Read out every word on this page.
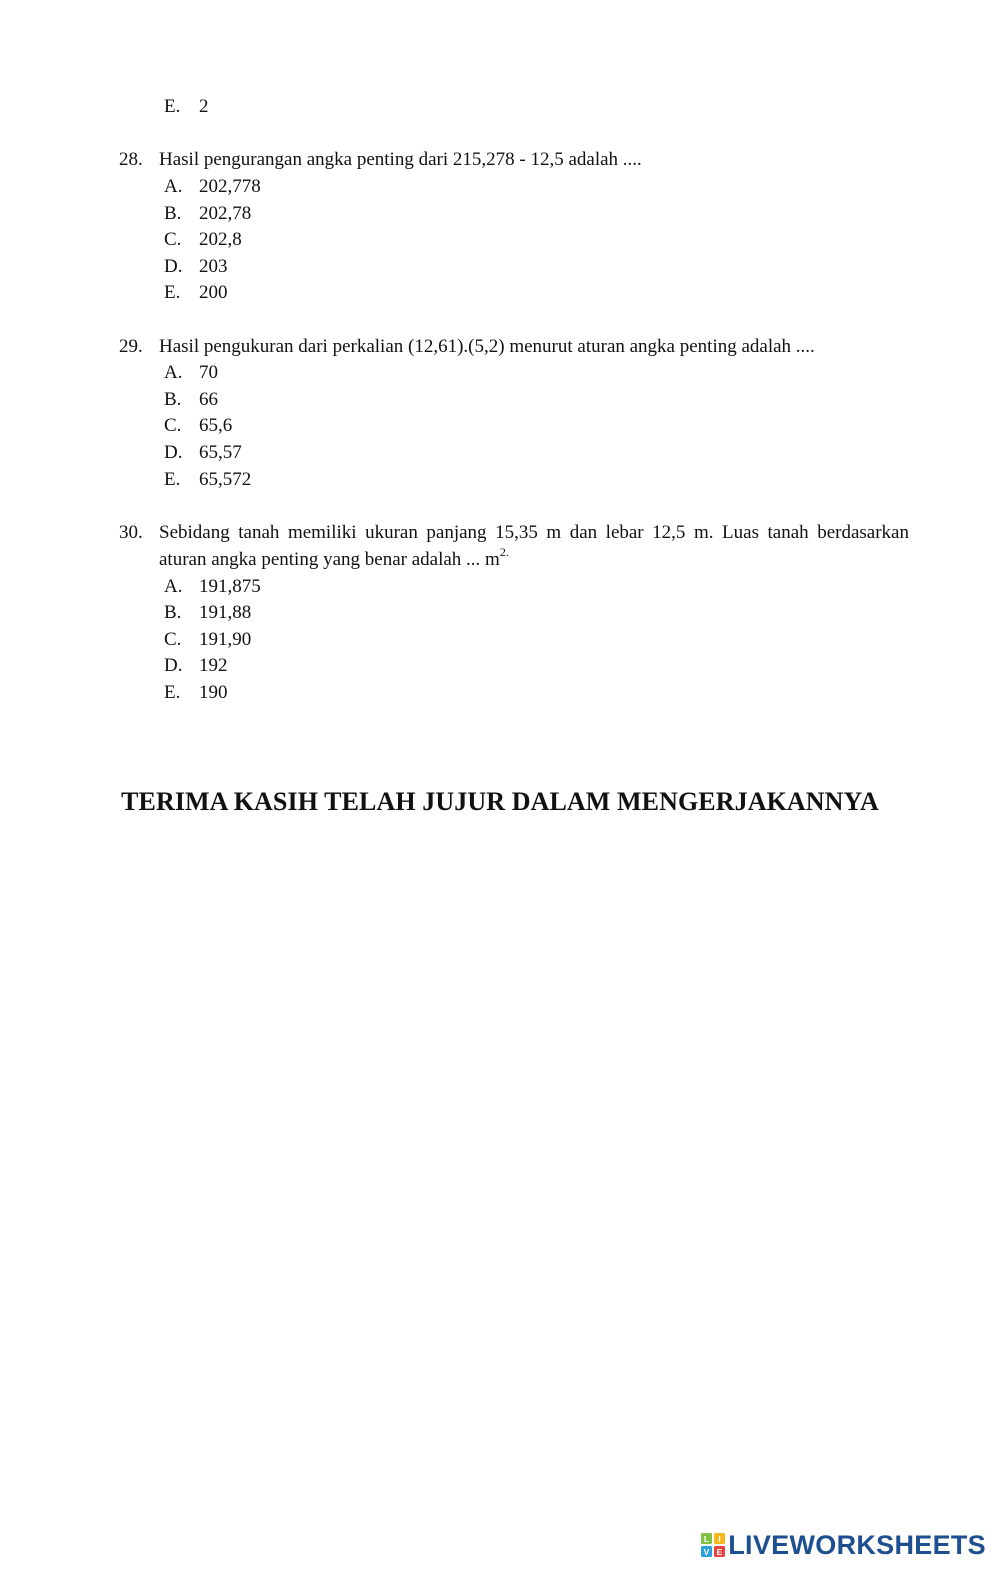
E. 2
28. Hasil pengurangan angka penting dari 215,278 - 12,5 adalah ....
A. 202,778
B. 202,78
C. 202,8
D. 203
E. 200
29. Hasil pengukuran dari perkalian (12,61).(5,2) menurut aturan angka penting adalah ....
A. 70
B. 66
C. 65,6
D. 65,57
E. 65,572
30. Sebidang tanah memiliki ukuran panjang 15,35 m dan lebar 12,5 m. Luas tanah berdasarkan aturan angka penting yang benar adalah ... $m^{2.}$
A. 191,875
B. 191,88
C. 191,90
D. 192
E. 190
TERIMA KASIH TELAH JUJUR DALAM MENGERJAKANNYA
L I
V E LIVEWORKSHEETS
